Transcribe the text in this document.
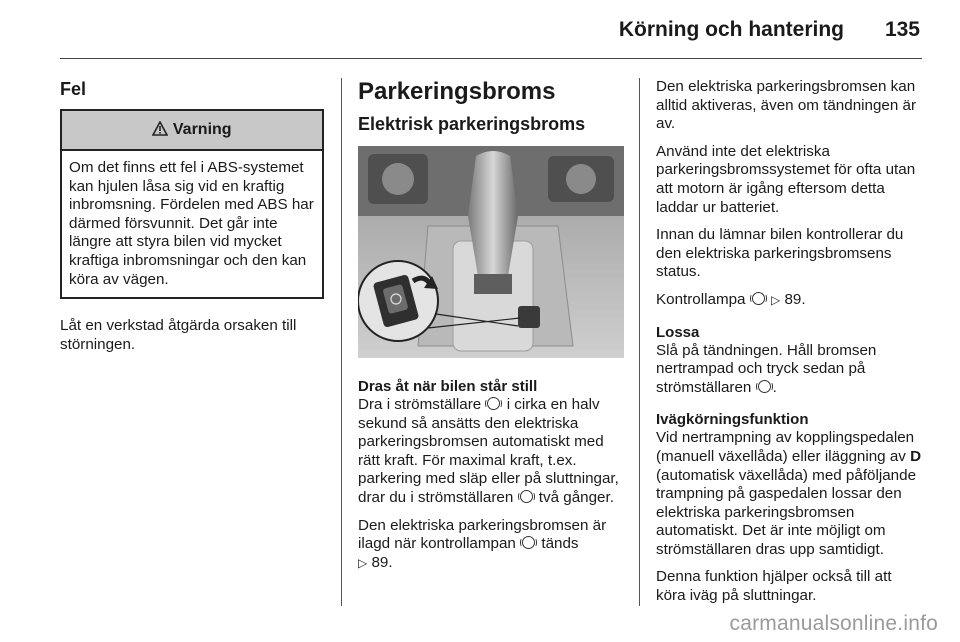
Körning och hantering 135
Fel
Varning
Om det finns ett fel i ABS-systemet kan hjulen låsa sig vid en kraftig inbromsning. Fördelen med ABS har därmed försvunnit. Det går inte längre att styra bilen vid mycket kraftiga inbromsningar och den kan köra av vägen.

Låt en verkstad åtgärda orsaken till störningen.

Parkeringsbroms
Elektrisk parkeringsbroms
Dras åt när bilen står still

Dra i strömställare i cirka en halv sekund så ansätts den elektriska parkeringsbromsen automatiskt med rätt kraft. För maximal kraft, t.ex. parkering med släp eller på sluttningar, drar du i strömställaren två gånger.

Den elektriska parkeringsbromsen är ilagd när kontrollampan tänds
▷ 89.

Den elektriska parkeringsbromsen kan alltid aktiveras, även om tändningen är av.

Använd inte det elektriska parkeringsbromssystemet för ofta utan att motorn är igång eftersom detta laddar ur batteriet.

Innan du lämnar bilen kontrollerar du den elektriska parkeringsbromsens status.

Kontrollampa ▷ 89.

Lossa

Slå på tändningen. Håll bromsen nertrampad och tryck sedan på strömställaren .

Ivägkörningsfunktion

Vid nertrampning av kopplingspedalen (manuell växellåda) eller iläggning av D (automatisk växellåda) med påföljande trampning på gaspedalen lossar den elektriska parkeringsbromsen automatiskt. Det är inte möjligt om strömställaren dras upp samtidigt.

Denna funktion hjälper också till att köra iväg på sluttningar.

carmanualsonline.info
